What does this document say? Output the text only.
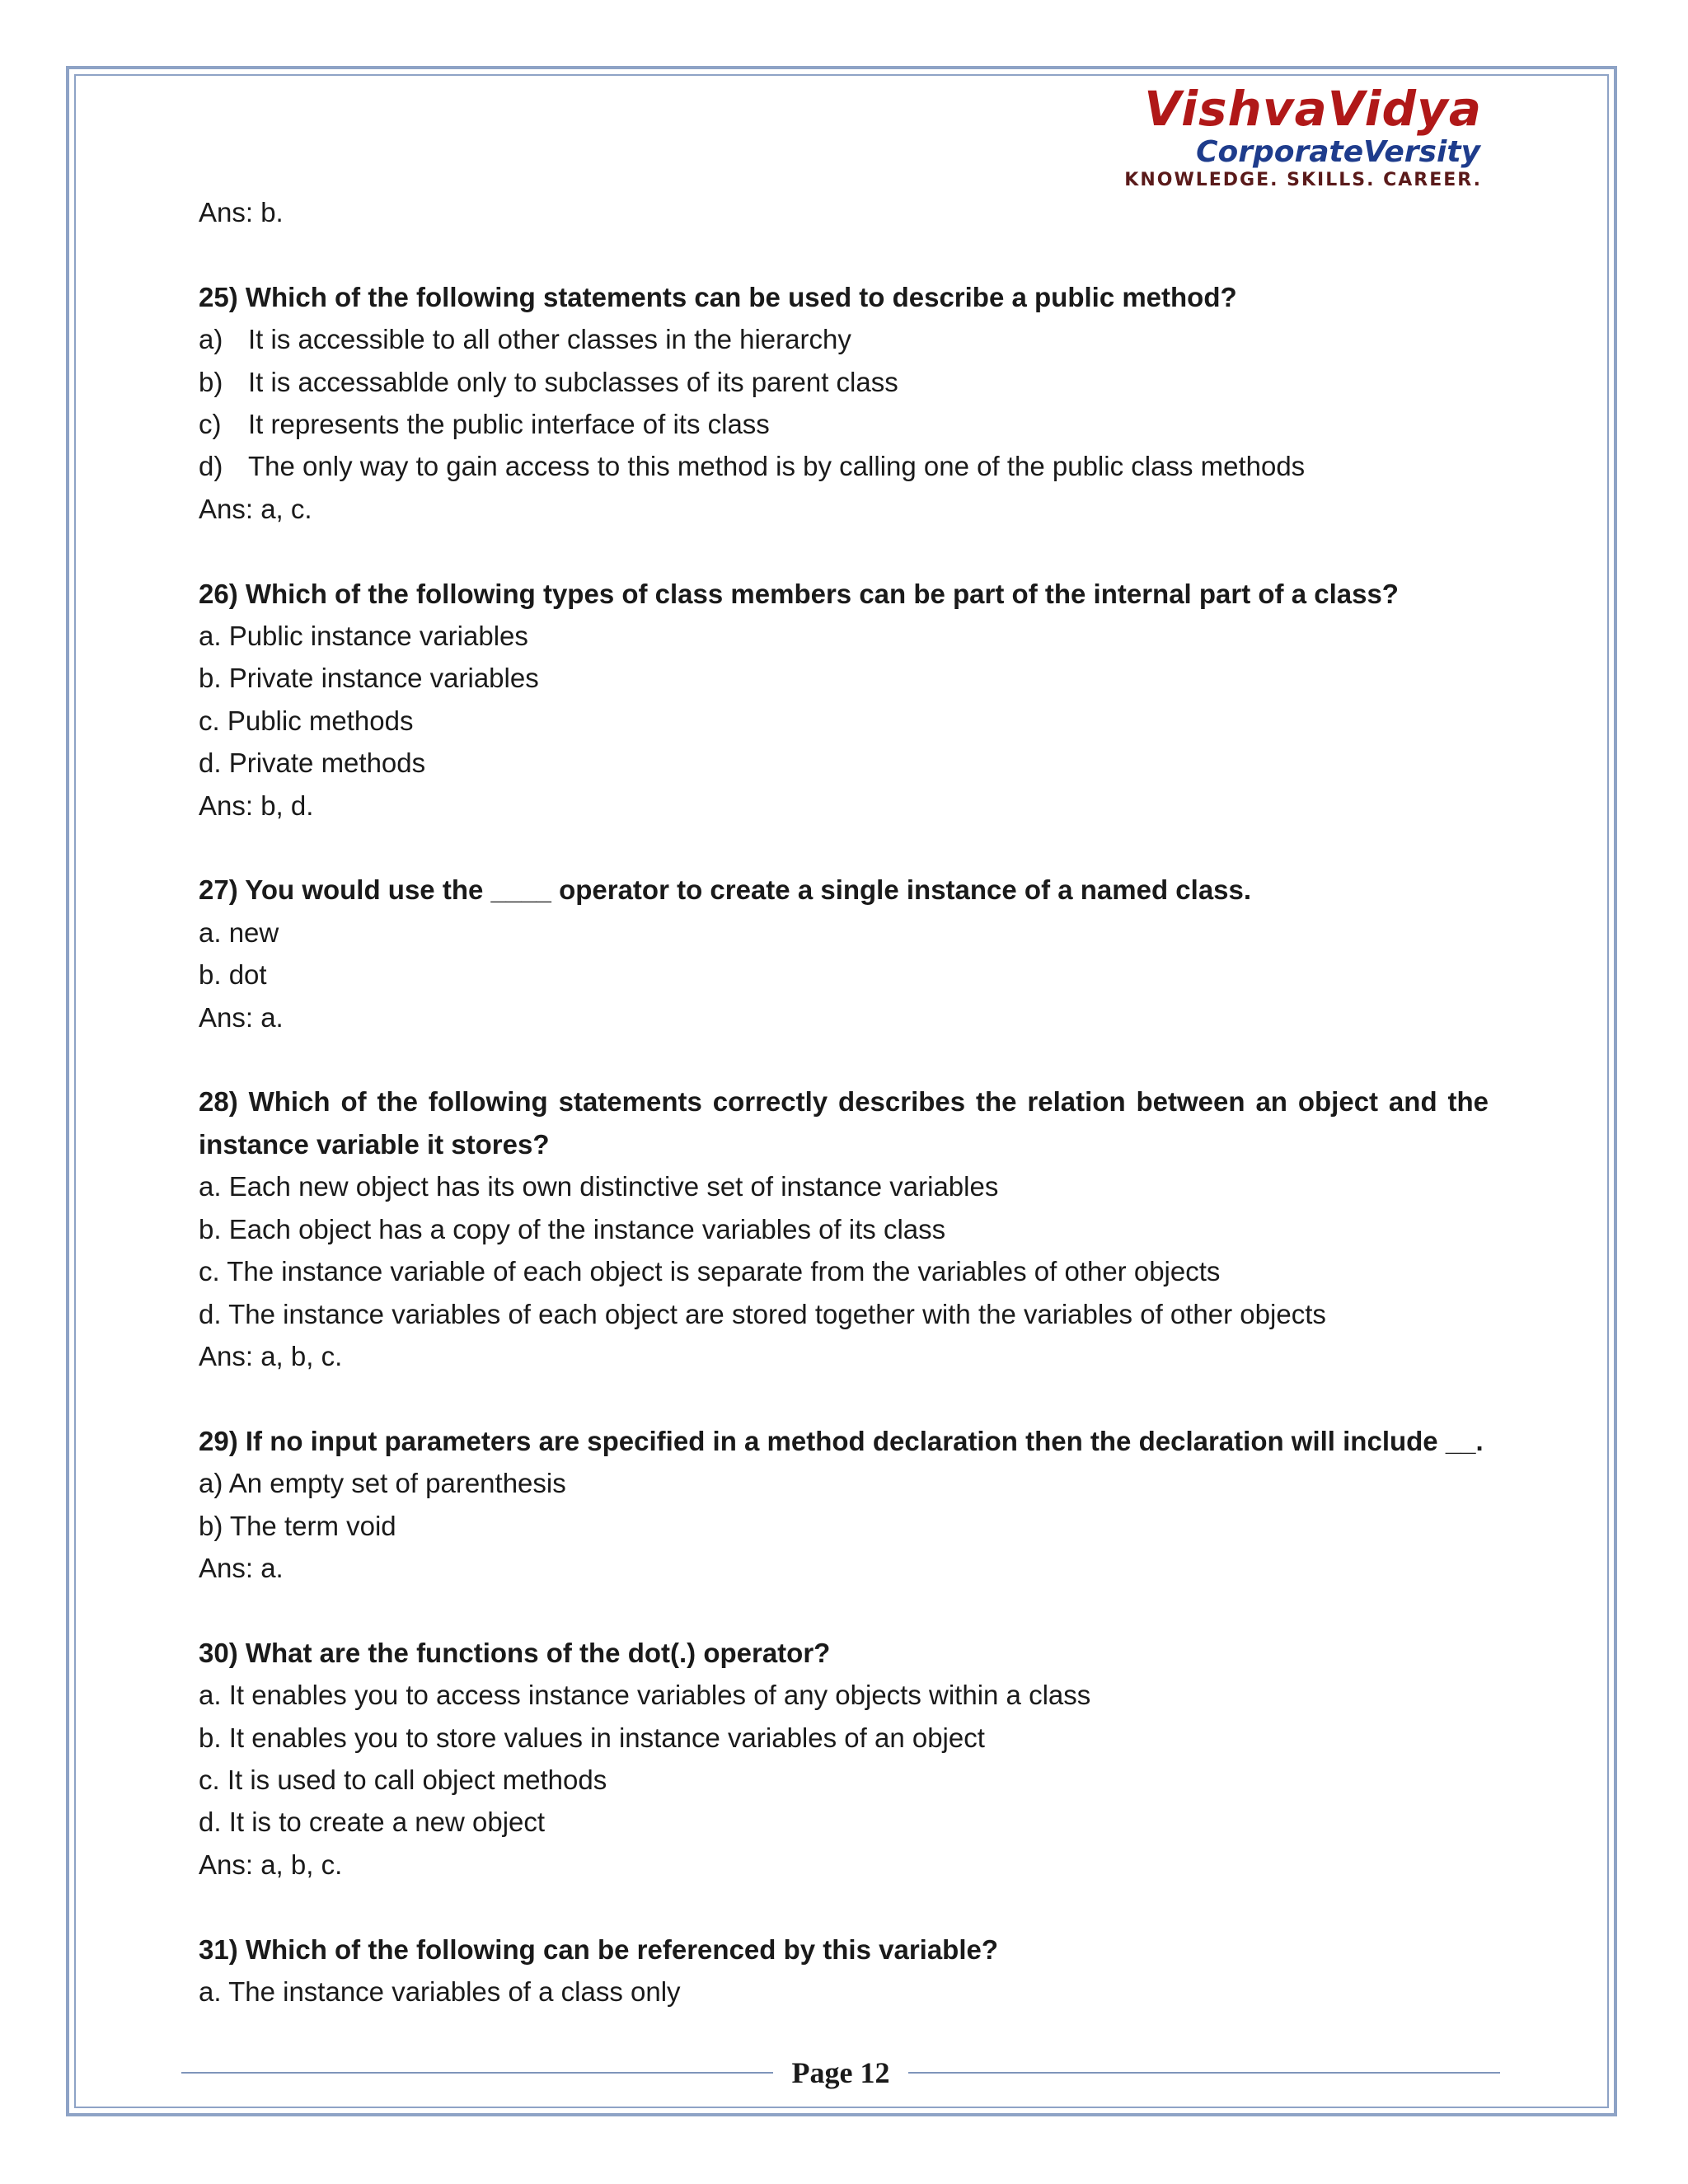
VishvaVidya
CorporateVersity
KNOWLEDGE. SKILLS. CAREER.

Ans: b.

25) Which of the following statements can be used to describe a public method?

a) It is accessible to all other classes in the hierarchy
b) It is accessablde only to subclasses of its parent class
c) It represents the public interface of its class
d) The only way to gain access to this method is by calling one of the public class methods

Ans: a, c.

26) Which of the following types of class members can be part of the internal part of a class?

a. Public instance variables

b. Private instance variables

c. Public methods

d. Private methods

Ans: b, d.

27) You would use the ____ operator to create a single instance of a named class.

a. new

b. dot

Ans: a.

28) Which of the following statements correctly describes the relation between an object and the instance variable it stores?

a. Each new object has its own distinctive set of instance variables

b. Each object has a copy of the instance variables of its class

c. The instance variable of each object is separate from the variables of other objects

d. The instance variables of each object are stored together with the variables of other objects

Ans: a, b, c.

29) If no input parameters are specified in a method declaration then the declaration will include __.

a) An empty set of parenthesis

b) The term void

Ans: a.

30) What are the functions of the dot(.) operator?

a. It enables you to access instance variables of any objects within a class

b. It enables you to store values in instance variables of an object

c. It is used to call object methods

d. It is to create a new object

Ans: a, b, c.

31) Which of the following can be referenced by this variable?

a. The instance variables of a class only

Page 12
